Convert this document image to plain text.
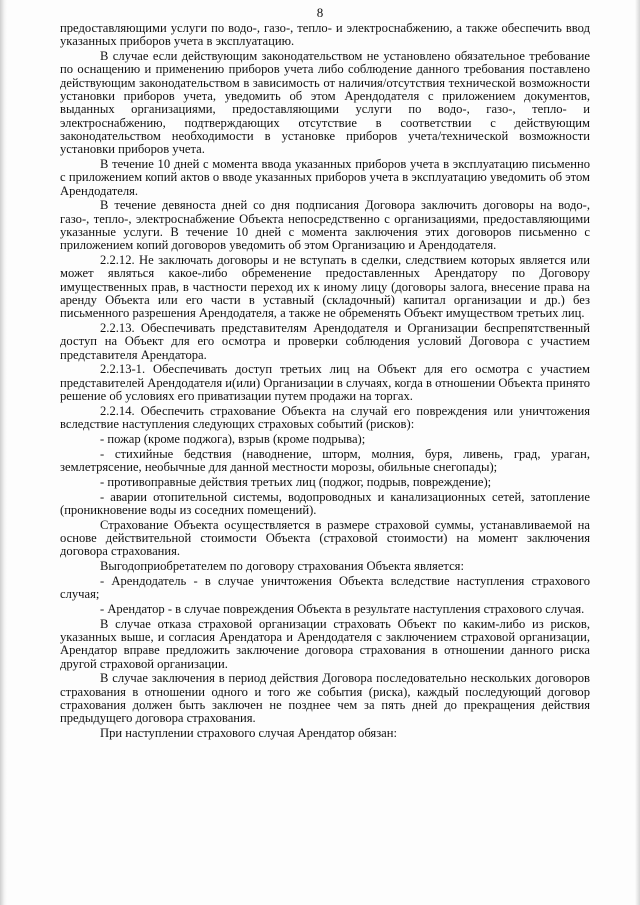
8

предоставляющими услуги по водо-, газо-, тепло- и электроснабжению, а также обеспечить ввод указанных приборов учета в эксплуатацию.

В случае если действующим законодательством не установлено обязательное требование по оснащению и применению приборов учета либо соблюдение данного требования поставлено действующим законодательством в зависимость от наличия/отсутствия технической возможности установки приборов учета, уведомить об этом Арендодателя с приложением документов, выданных организациями, предоставляющими услуги по водо-, газо-, тепло- и электроснабжению, подтверждающих отсутствие в соответствии с действующим законодательством необходимости в установке приборов учета/технической возможности установки приборов учета.

В течение 10 дней с момента ввода указанных приборов учета в эксплуатацию письменно с приложением копий актов о вводе указанных приборов учета в эксплуатацию уведомить об этом Арендодателя.

В течение девяноста дней со дня подписания Договора заключить договоры на водо-, газо-, тепло-, электроснабжение Объекта непосредственно с организациями, предоставляющими указанные услуги. В течение 10 дней с момента заключения этих договоров письменно с приложением копий договоров уведомить об этом Организацию и Арендодателя.

2.2.12. Не заключать договоры и не вступать в сделки, следствием которых является или может являться какое-либо обременение предоставленных Арендатору по Договору имущественных прав, в частности переход их к иному лицу (договоры залога, внесение права на аренду Объекта или его части в уставный (складочный) капитал организации и др.) без письменного разрешения Арендодателя, а также не обременять Объект имуществом третьих лиц.

2.2.13. Обеспечивать представителям Арендодателя и Организации беспрепятственный доступ на Объект для его осмотра и проверки соблюдения условий Договора с участием представителя Арендатора.

2.2.13-1. Обеспечивать доступ третьих лиц на Объект для его осмотра с участием представителей Арендодателя и(или) Организации в случаях, когда в отношении Объекта принято решение об условиях его приватизации путем продажи на торгах.

2.2.14. Обеспечить страхование Объекта на случай его повреждения или уничтожения вследствие наступления следующих страховых событий (рисков):

- пожар (кроме поджога), взрыв (кроме подрыва);

- стихийные бедствия (наводнение, шторм, молния, буря, ливень, град, ураган, землетрясение, необычные для данной местности морозы, обильные снегопады);

- противоправные действия третьих лиц (поджог, подрыв, повреждение);

- аварии отопительной системы, водопроводных и канализационных сетей, затопление (проникновение воды из соседних помещений).

Страхование Объекта осуществляется в размере страховой суммы, устанавливаемой на основе действительной стоимости Объекта (страховой стоимости) на момент заключения договора страхования.

Выгодоприобретателем по договору страхования Объекта является:

- Арендодатель - в случае уничтожения Объекта вследствие наступления страхового случая;

- Арендатор - в случае повреждения Объекта в результате наступления страхового случая.

В случае отказа страховой организации страховать Объект по каким-либо из рисков, указанных выше, и согласия Арендатора и Арендодателя с заключением страховой организации, Арендатор вправе предложить заключение договора страхования в отношении данного риска другой страховой организации.

В случае заключения в период действия Договора последовательно нескольких договоров страхования в отношении одного и того же события (риска), каждый последующий договор страхования должен быть заключен не позднее чем за пять дней до прекращения действия предыдущего договора страхования.

При наступлении страхового случая Арендатор обязан:
